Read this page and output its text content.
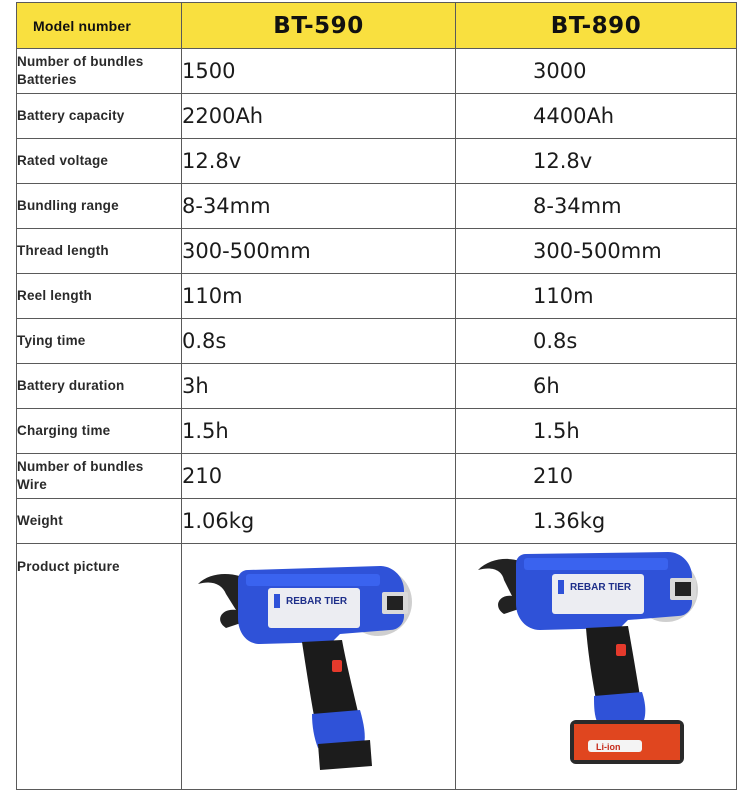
Model number	BT-590	BT-890

Number of bundles
Batteries	1500	3000
Battery capacity	2200Ah	4400Ah
Rated voltage	12.8v	12.8v
Bundling range	8-34mm	8-34mm
Thread length	300-500mm	300-500mm
Reel length	110m	110m
Tying time	0.8s	0.8s
Battery duration	3h	6h
Charging time	1.5h	1.5h

Number of bundles
Wire	210	210
Weight	1.06kg	1.36kg
Product picture	REBAR TIER	REBAR TIER
Li-ion
